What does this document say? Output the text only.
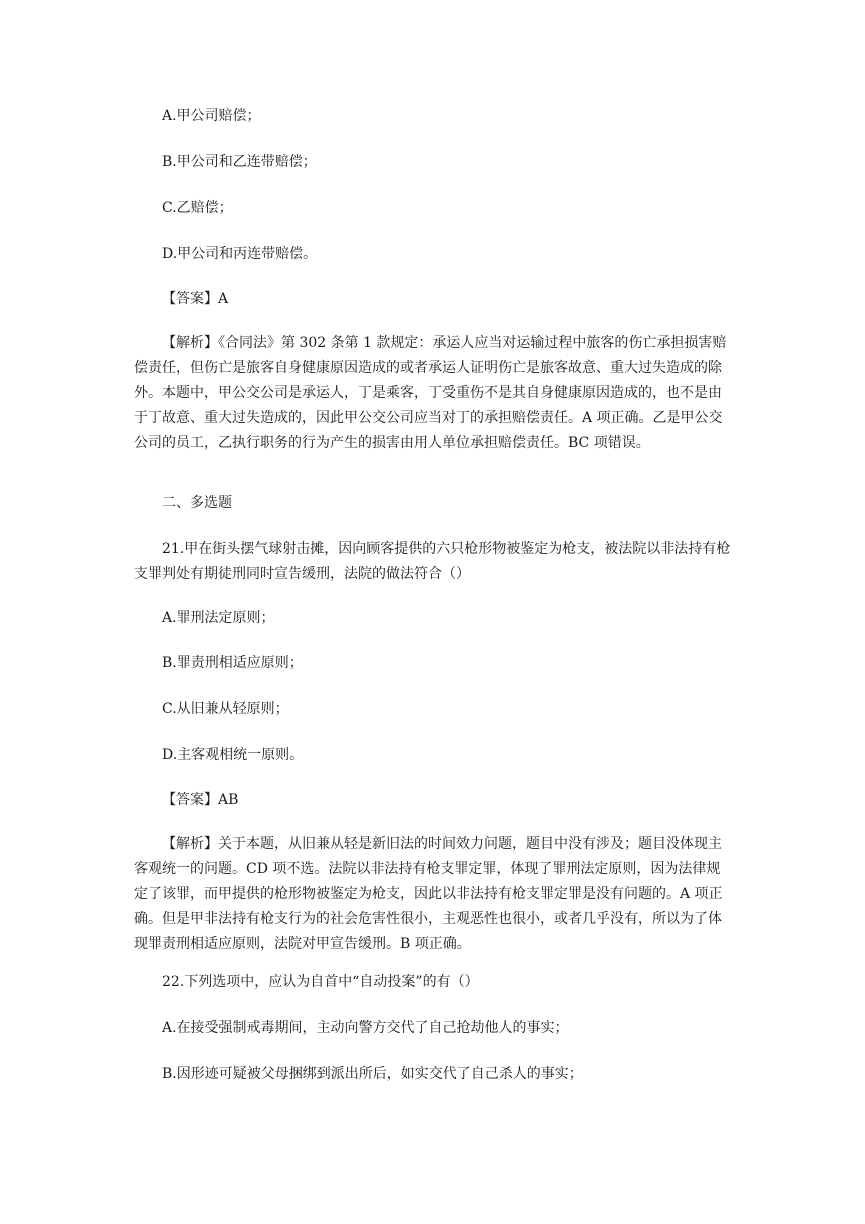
A.甲公司赔偿；

B.甲公司和乙连带赔偿；

C.乙赔偿；

D.甲公司和丙连带赔偿。

【答案】A

【解析】《合同法》第 302 条第 1 款规定：承运人应当对运输过程中旅客的伤亡承担损害赔偿责任，但伤亡是旅客自身健康原因造成的或者承运人证明伤亡是旅客故意、重大过失造成的除外。本题中，甲公交公司是承运人，丁是乘客，丁受重伤不是其自身健康原因造成的，也不是由于丁故意、重大过失造成的，因此甲公交公司应当对丁的承担赔偿责任。A 项正确。乙是甲公交公司的员工，乙执行职务的行为产生的损害由用人单位承担赔偿责任。BC 项错误。

二、多选题

21.甲在街头摆气球射击摊，因向顾客提供的六只枪形物被鉴定为枪支，被法院以非法持有枪支罪判处有期徒刑同时宣告缓刑，法院的做法符合（）

A.罪刑法定原则；

B.罪责刑相适应原则；

C.从旧兼从轻原则；

D.主客观相统一原则。

【答案】AB

【解析】关于本题，从旧兼从轻是新旧法的时间效力问题，题目中没有涉及；题目没体现主客观统一的问题。CD 项不选。法院以非法持有枪支罪定罪，体现了罪刑法定原则，因为法律规定了该罪，而甲提供的枪形物被鉴定为枪支，因此以非法持有枪支罪定罪是没有问题的。A 项正确。但是甲非法持有枪支行为的社会危害性很小，主观恶性也很小，或者几乎没有，所以为了体现罪责刑相适应原则，法院对甲宣告缓刑。B 项正确。

22.下列选项中，应认为自首中“自动投案”的有（）

A.在接受强制戒毒期间，主动向警方交代了自己抢劫他人的事实；

B.因形迹可疑被父母捆绑到派出所后，如实交代了自己杀人的事实；
